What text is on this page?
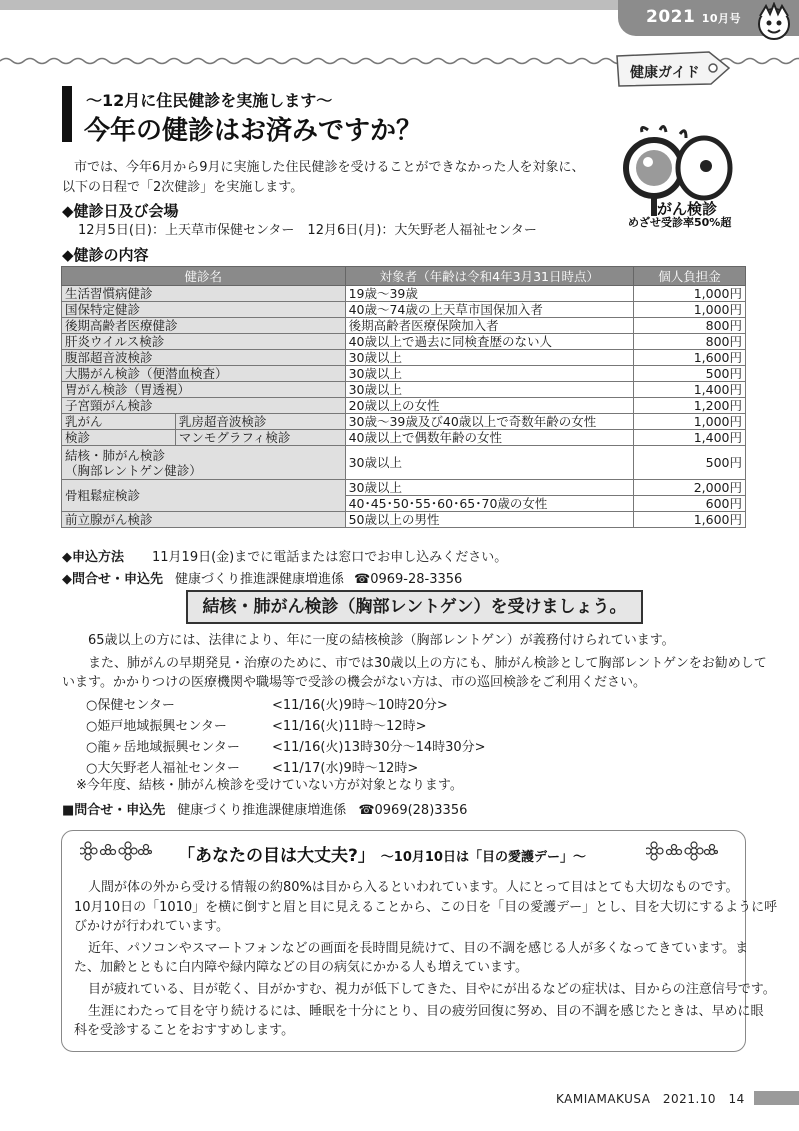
2021 10月号
健康ガイド
～12月に住民健診を実施します～
今年の健診はお済みですか？
がん検診
めざせ受診率50%超
市では、今年6月から9月に実施した住民健診を受けることができなかった人を対象に、
以下の日程で「2次健診」を実施します。
◆健診日及び会場
12月5日(日)：上天草市保健センター　12月6日(月)：大矢野老人福祉センター
◆健診の内容
健診名		対象者（年齢は令和4年3月31日時点）	個人負担金
生活習慣病健診		19歳～39歳	1,000円
国保特定健診		40歳～74歳の上天草市国保加入者	1,000円
後期高齢者医療健診		後期高齢者医療保険加入者	800円
肝炎ウイルス検診		40歳以上で過去に同検査歴のない人	800円
腹部超音波検診		30歳以上	1,600円
大腸がん検診（便潜血検査）		30歳以上	500円
胃がん検診（胃透視）		30歳以上	1,400円
子宮頸がん検診		20歳以上の女性	1,200円
乳がん	乳房超音波検診	30歳～39歳及び40歳以上で奇数年齢の女性	1,000円
検診	マンモグラフィ検診	40歳以上で偶数年齢の女性	1,400円
結核・肺がん検診
（胸部レントゲン健診）		30歳以上	500円
骨粗鬆症検診		30歳以上	2,000円
		40･45･50･55･60･65･70歳の女性	600円
前立腺がん検診		50歳以上の男性	1,600円
◆申込方法 11月19日(金)までに電話または窓口でお申し込みください。
◆問合せ・申込先 健康づくり推進課健康増進係 ☎0969-28-3356
結核・肺がん検診（胸部レントゲン）を受けましょう。
65歳以上の方には、法律により、年に一度の結核検診（胸部レントゲン）が義務付けられています。
また、肺がんの早期発見・治療のために、市では30歳以上の方にも、肺がん検診として胸部レントゲンをお勧めして
います。かかりつけの医療機関や職場等で受診の機会がない方は、市の巡回検診をご利用ください。
○保健センター	<11/16(火)9時～10時20分>
○姫戸地域振興センター	<11/16(火)11時～12時>
○龍ヶ岳地域振興センター <11/16(火)13時30分～14時30分>
○大矢野老人福祉センター <11/17(水)9時～12時>
※今年度、結核・肺がん検診を受けていない方が対象となります。
■問合せ・申込先 健康づくり推進課健康増進係 ☎0969(28)3356
「あなたの目は大丈夫?」 ～10月10日は「目の愛護デー」～
人間が体の外から受ける情報の約80%は目から入るといわれています。人にとって目はとても大切なものです。
10月10日の「1010」を横に倒すと眉と目に見えることから、この日を「目の愛護デー」とし、目を大切にするように呼
びかけが行われています。
近年、パソコンやスマートフォンなどの画面を長時間見続けて、目の不調を感じる人が多くなってきています。ま
た、加齢とともに白内障や緑内障などの目の病気にかかる人も増えています。
目が疲れている、目が乾く、目がかすむ、視力が低下してきた、目やにが出るなどの症状は、目からの注意信号です。
生涯にわたって目を守り続けるには、睡眠を十分にとり、目の疲労回復に努め、目の不調を感じたときは、早めに眼
科を受診することをおすすめします。
KAMIAMAKUSA　2021.10　14
